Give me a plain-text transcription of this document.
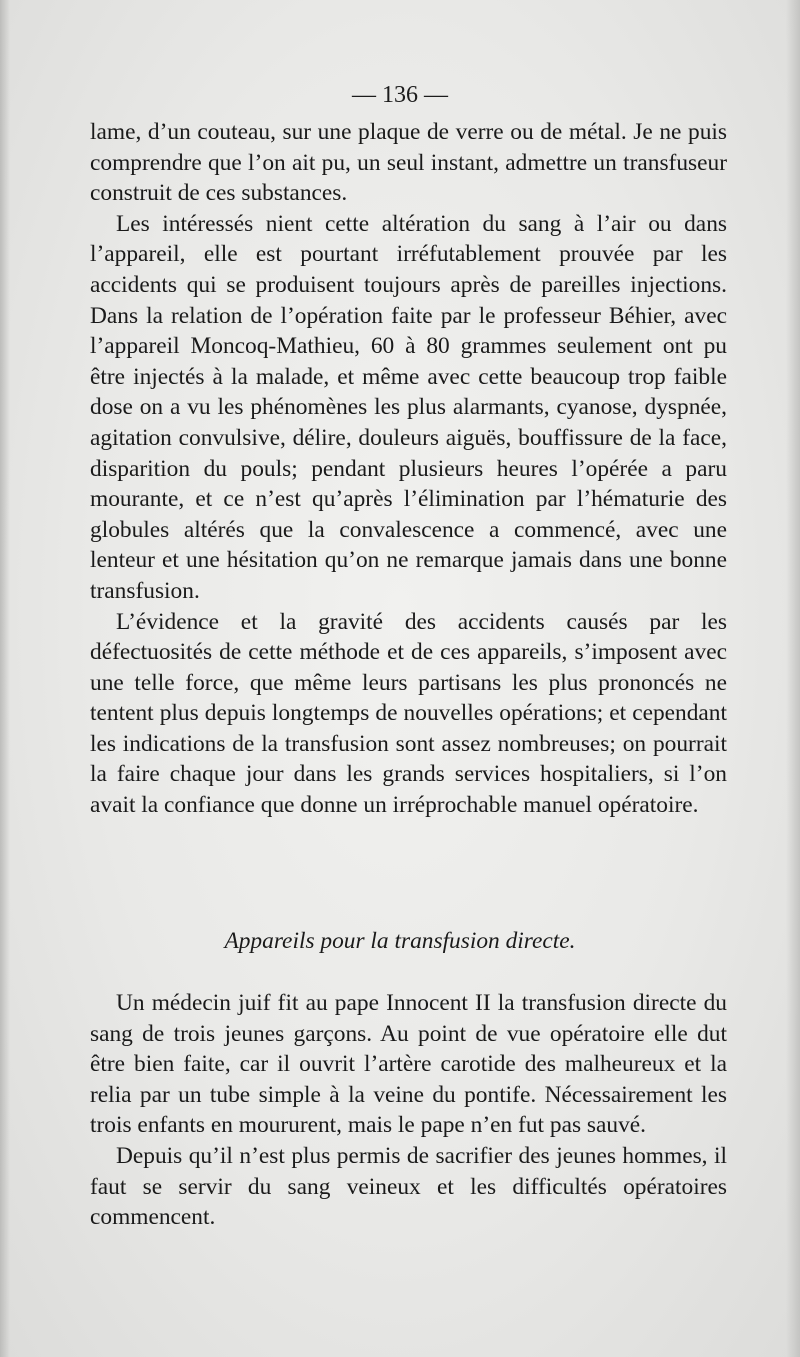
— 136 —

lame, d’un couteau, sur une plaque de verre ou de métal. Je ne puis comprendre que l’on ait pu, un seul instant, admettre un transfuseur construit de ces substances.

Les intéressés nient cette altération du sang à l’air ou dans l’appareil, elle est pourtant irréfutablement prouvée par les accidents qui se produisent toujours après de pareilles injections. Dans la relation de l’opération faite par le professeur Béhier, avec l’appareil Moncoq-Mathieu, 60 à 80 grammes seulement ont pu être injectés à la malade, et même avec cette beaucoup trop faible dose on a vu les phénomènes les plus alarmants, cyanose, dyspnée, agitation convulsive, délire, douleurs aiguës, bouffissure de la face, disparition du pouls; pendant plusieurs heures l’opérée a paru mourante, et ce n’est qu’après l’élimination par l’hématurie des globules altérés que la convalescence a commencé, avec une lenteur et une hésitation qu’on ne remarque jamais dans une bonne transfusion.

L’évidence et la gravité des accidents causés par les défectuosités de cette méthode et de ces appareils, s’imposent avec une telle force, que même leurs partisans les plus prononcés ne tentent plus depuis longtemps de nouvelles opérations; et cependant les indications de la transfusion sont assez nombreuses; on pourrait la faire chaque jour dans les grands services hospitaliers, si l’on avait la confiance que donne un irréprochable manuel opératoire.

Appareils pour la transfusion directe.

Un médecin juif fit au pape Innocent II la transfusion directe du sang de trois jeunes garçons. Au point de vue opératoire elle dut être bien faite, car il ouvrit l’artère carotide des malheureux et la relia par un tube simple à la veine du pontife. Nécessairement les trois enfants en moururent, mais le pape n’en fut pas sauvé.

Depuis qu’il n’est plus permis de sacrifier des jeunes hommes, il faut se servir du sang veineux et les difficultés opératoires commencent.
